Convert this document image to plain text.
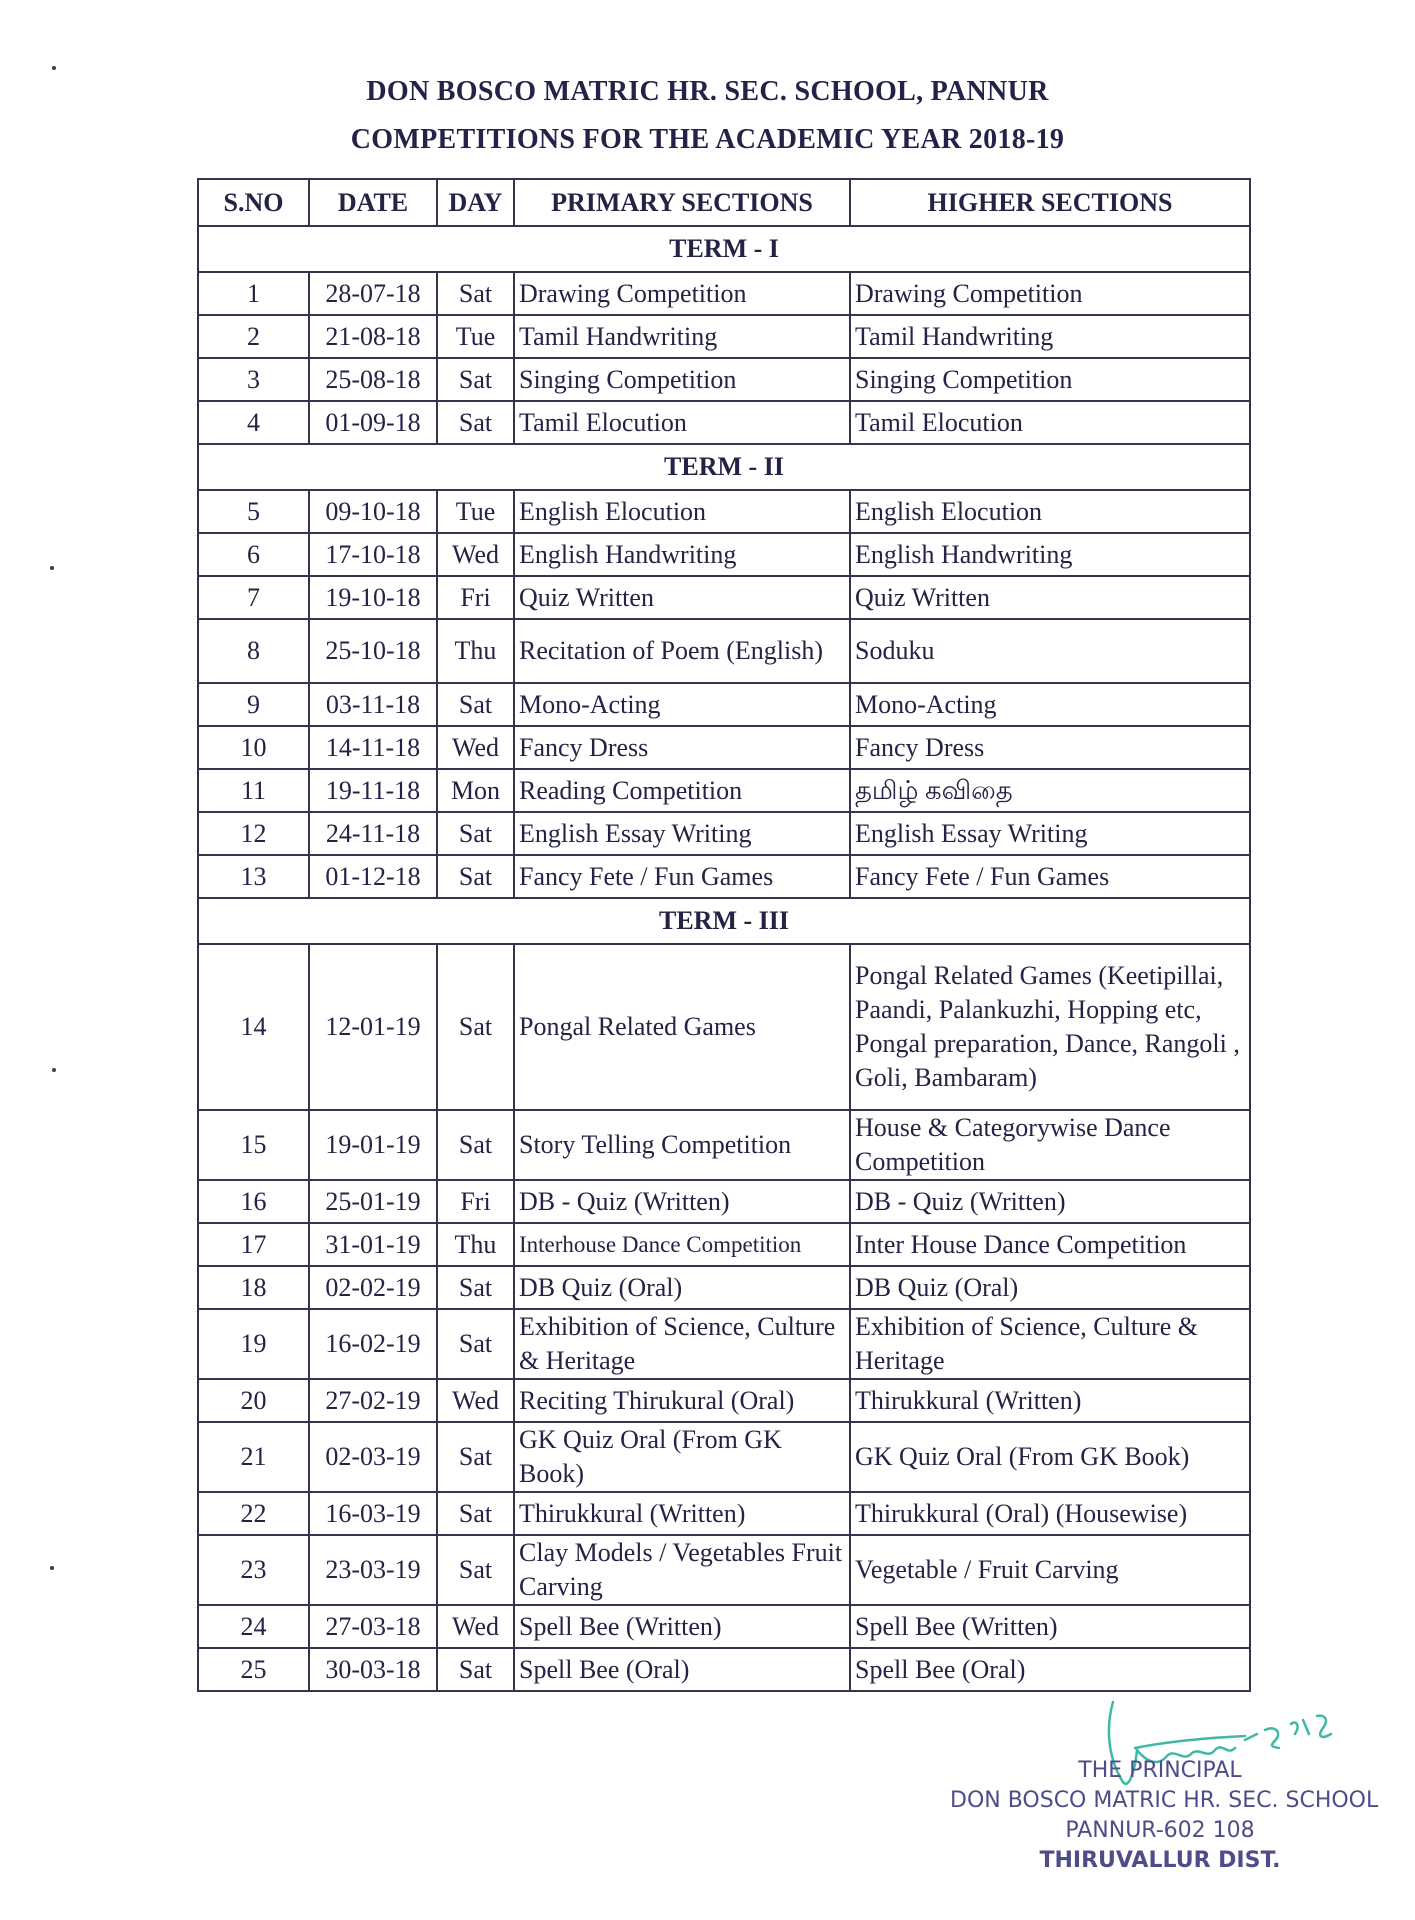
DON BOSCO MATRIC HR. SEC. SCHOOL, PANNUR
COMPETITIONS FOR THE ACADEMIC YEAR 2018-19
S.NO	DATE	DAY	PRIMARY SECTIONS	HIGHER SECTIONS
TERM - I				
1	28-07-18	Sat	Drawing Competition	Drawing Competition
2	21-08-18	Tue	Tamil Handwriting	Tamil Handwriting
3	25-08-18	Sat	Singing Competition	Singing Competition
4	01-09-18	Sat	Tamil Elocution	Tamil Elocution
TERM - II				
5	09-10-18	Tue	English Elocution	English Elocution
6	17-10-18	Wed	English Handwriting	English Handwriting
7	19-10-18	Fri	Quiz Written	Quiz Written
8	25-10-18	Thu	Recitation of Poem (English)	Soduku
9	03-11-18	Sat	Mono-Acting	Mono-Acting
10	14-11-18	Wed	Fancy Dress	Fancy Dress
11	19-11-18	Mon	Reading Competition	தமிழ் கவிதை
12	24-11-18	Sat	English Essay Writing	English Essay Writing
13	01-12-18	Sat	Fancy Fete / Fun Games	Fancy Fete / Fun Games
TERM - III				
14	12-01-19	Sat	Pongal Related Games	Pongal Related Games (Keetipillai, Paandi, Palankuzhi, Hopping etc, Pongal preparation, Dance, Rangoli , Goli, Bambaram)
15	19-01-19	Sat	Story Telling Competition	House & Categorywise Dance Competition
16	25-01-19	Fri	DB - Quiz (Written)	DB - Quiz (Written)
17	31-01-19	Thu	Interhouse Dance Competition	Inter House Dance Competition
18	02-02-19	Sat	DB Quiz (Oral)	DB Quiz (Oral)
19	16-02-19	Sat	Exhibition of Science, Culture & Heritage	Exhibition of Science, Culture & Heritage
20	27-02-19	Wed	Reciting Thirukural (Oral)	Thirukkural (Written)
21	02-03-19	Sat	GK Quiz Oral (From GK Book)	GK Quiz Oral (From GK Book)
22	16-03-19	Sat	Thirukkural (Written)	Thirukkural (Oral) (Housewise)
23	23-03-19	Sat	Clay Models / Vegetables Fruit Carving	Vegetable / Fruit Carving
24	27-03-18	Wed	Spell Bee (Written)	Spell Bee (Written)
25	30-03-18	Sat	Spell Bee (Oral)	Spell Bee (Oral)
THE PRINCIPAL
DON BOSCO MATRIC HR. SEC. SCHOOL
PANNUR-602 108
THIRUVALLUR DIST.
